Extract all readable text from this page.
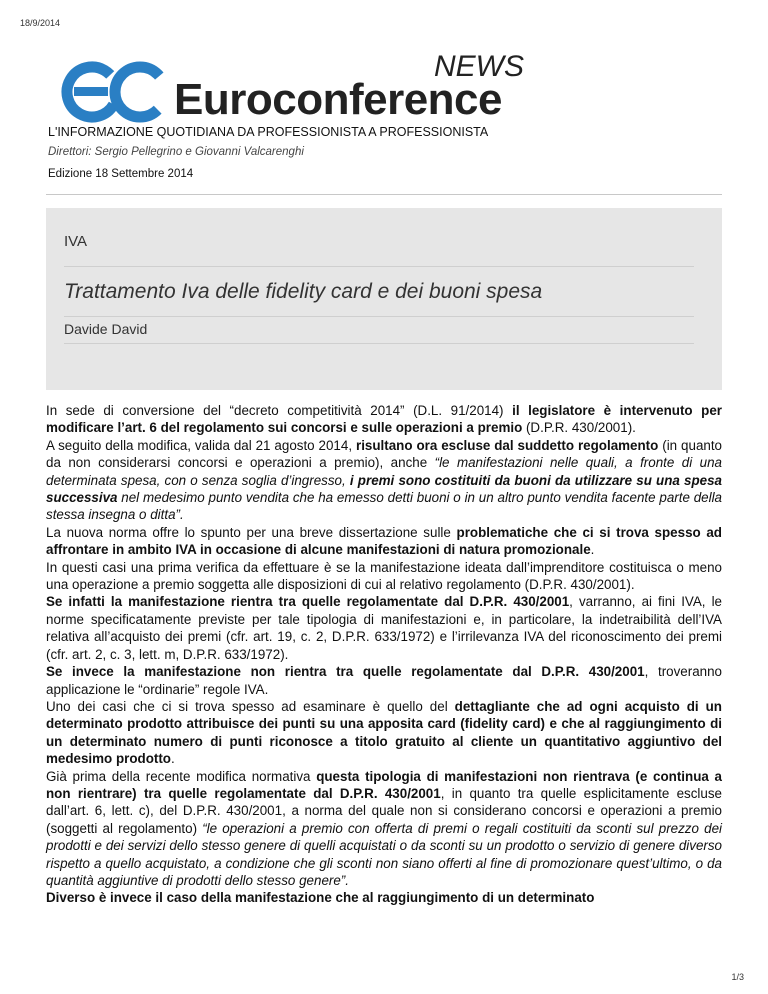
18/9/2014
NEWS
Euroconference
L'INFORMAZIONE QUOTIDIANA DA PROFESSIONISTA A PROFESSIONISTA
Direttori: Sergio Pellegrino e Giovanni Valcarenghi
Edizione 18 Settembre 2014
IVA
Trattamento Iva delle fidelity card e dei buoni spesa
Davide David

In sede di conversione del “decreto competitività 2014” (D.L. 91/2014) il legislatore è intervenuto per modificare l’art. 6 del regolamento sui concorsi e sulle operazioni a premio (D.P.R. 430/2001).

A seguito della modifica, valida dal 21 agosto 2014, risultano ora escluse dal suddetto regolamento (in quanto da non considerarsi concorsi e operazioni a premio), anche “le manifestazioni nelle quali, a fronte di una determinata spesa, con o senza soglia d’ingresso, i premi sono costituiti da buoni da utilizzare su una spesa successiva nel medesimo punto vendita che ha emesso detti buoni o in un altro punto vendita facente parte della stessa insegna o ditta”.

La nuova norma offre lo spunto per una breve dissertazione sulle problematiche che ci si trova spesso ad affrontare in ambito IVA in occasione di alcune manifestazioni di natura promozionale.

In questi casi una prima verifica da effettuare è se la manifestazione ideata dall’imprenditore costituisca o meno una operazione a premio soggetta alle disposizioni di cui al relativo regolamento (D.P.R. 430/2001).

Se infatti la manifestazione rientra tra quelle regolamentate dal D.P.R. 430/2001, varranno, ai fini IVA, le norme specificatamente previste per tale tipologia di manifestazioni e, in particolare, la indetraibilità dell’IVA relativa all’acquisto dei premi (cfr. art. 19, c. 2, D.P.R. 633/1972) e l’irrilevanza IVA del riconoscimento dei premi (cfr. art. 2, c. 3, lett. m, D.P.R. 633/1972).

Se invece la manifestazione non rientra tra quelle regolamentate dal D.P.R. 430/2001, troveranno applicazione le “ordinarie” regole IVA.

Uno dei casi che ci si trova spesso ad esaminare è quello del dettagliante che ad ogni acquisto di un determinato prodotto attribuisce dei punti su una apposita card (fidelity card) e che al raggiungimento di un determinato numero di punti riconosce a titolo gratuito al cliente un quantitativo aggiuntivo del medesimo prodotto.

Già prima della recente modifica normativa questa tipologia di manifestazioni non rientrava (e continua a non rientrare) tra quelle regolamentate dal D.P.R. 430/2001, in quanto tra quelle esplicitamente escluse dall’art. 6, lett. c), del D.P.R. 430/2001, a norma del quale non si considerano concorsi e operazioni a premio (soggetti al regolamento) “le operazioni a premio con offerta di premi o regali costituiti da sconti sul prezzo dei prodotti e dei servizi dello stesso genere di quelli acquistati o da sconti su un prodotto o servizio di genere diverso rispetto a quello acquistato, a condizione che gli sconti non siano offerti al fine di promozionare quest’ultimo, o da quantità aggiuntive di prodotti dello stesso genere”.

Diverso è invece il caso della manifestazione che al raggiungimento di un determinato

1/3
